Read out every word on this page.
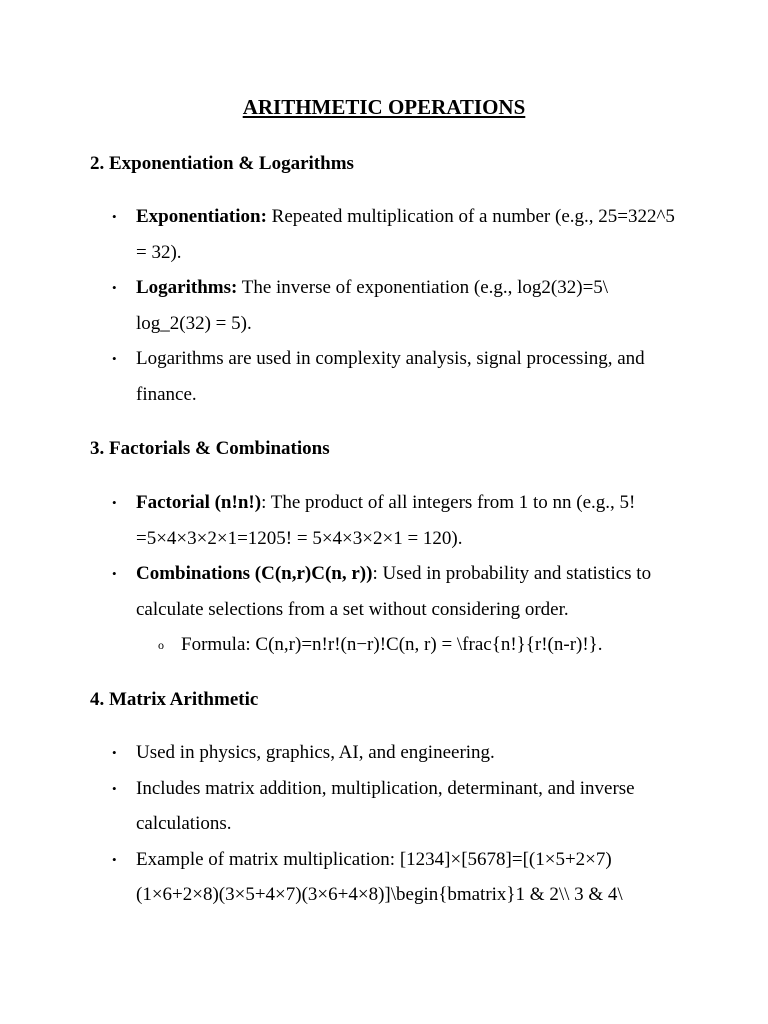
ARITHMETIC OPERATIONS
2. Exponentiation & Logarithms
• Exponentiation: Repeated multiplication of a number (e.g., 25=322^5 = 32).
• Logarithms: The inverse of exponentiation (e.g., log2(32)=5\ log_2(32) = 5).
• Logarithms are used in complexity analysis, signal processing, and finance.
3. Factorials & Combinations
• Factorial (n!n!): The product of all integers from 1 to nn (e.g., 5! =5×4×3×2×1=1205! = 5×4×3×2×1 = 120).
• Combinations (C(n,r)C(n, r)): Used in probability and statistics to calculate selections from a set without considering order.
o Formula: C(n,r)=n!r!(n−r)!C(n, r) = \frac{n!}{r!(n-r)!}.
4. Matrix Arithmetic
• Used in physics, graphics, AI, and engineering.
• Includes matrix addition, multiplication, determinant, and inverse calculations.
• Example of matrix multiplication: [1234]×[5678]=[(1×5+2×7)(1×6+2×8)(3×5+4×7)(3×6+4×8)]\begin{bmatrix}1 & 2\\ 3 & 4\
